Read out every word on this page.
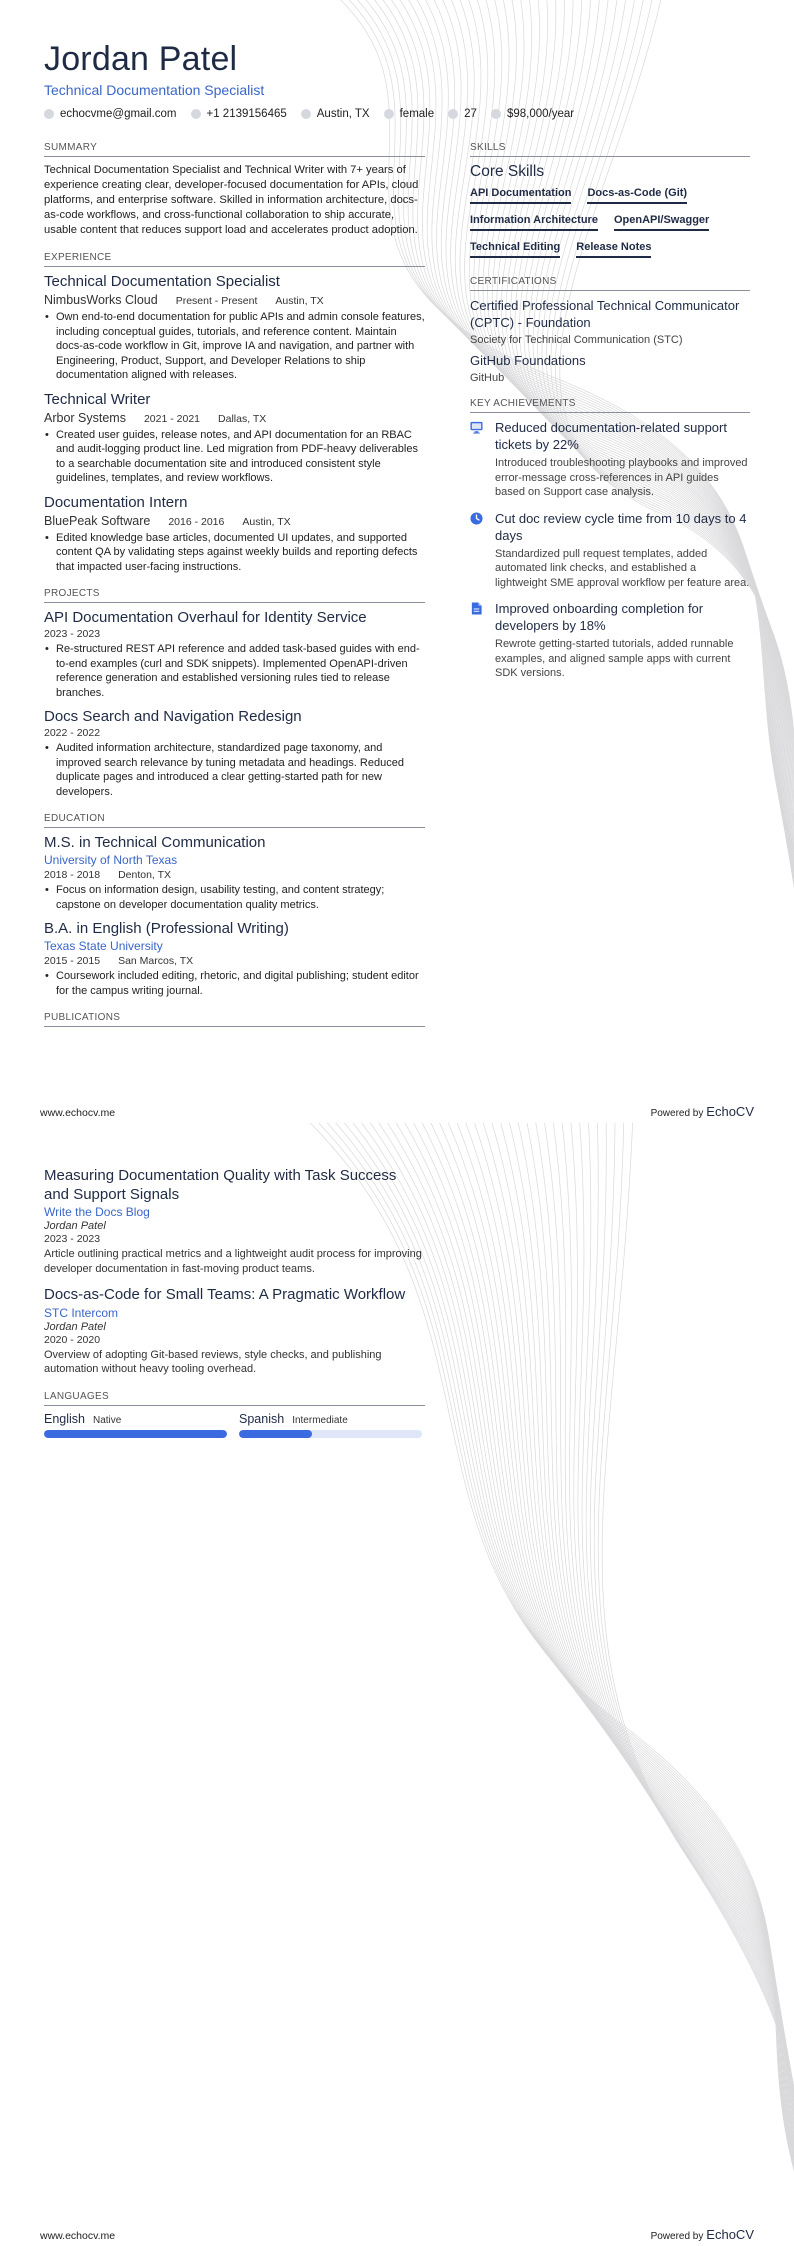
Jordan Patel
Technical Documentation Specialist
echocvme@gmail.com	+1 2139156465	Austin, TX	female	27	$98,000/year
SUMMARY
Technical Documentation Specialist and Technical Writer with 7+ years of experience creating clear, developer-focused documentation for APIs, cloud platforms, and enterprise software. Skilled in information architecture, docs-as-code workflows, and cross-functional collaboration to ship accurate, usable content that reduces support load and accelerates product adoption.
EXPERIENCE
Technical Documentation Specialist
NimbusWorks Cloud Present - Present Austin, TX
• Own end-to-end documentation for public APIs and admin console features, including conceptual guides, tutorials, and reference content. Maintain docs-as-code workflow in Git, improve IA and navigation, and partner with Engineering, Product, Support, and Developer Relations to ship documentation aligned with releases.
Technical Writer
Arbor Systems 2021 - 2021 Dallas, TX
• Created user guides, release notes, and API documentation for an RBAC and audit-logging product line. Led migration from PDF-heavy deliverables to a searchable documentation site and introduced consistent style guidelines, templates, and review workflows.
Documentation Intern
BluePeak Software 2016 - 2016 Austin, TX
• Edited knowledge base articles, documented UI updates, and supported content QA by validating steps against weekly builds and reporting defects that impacted user-facing instructions.
PROJECTS
API Documentation Overhaul for Identity Service
2023 - 2023
• Re-structured REST API reference and added task-based guides with end-to-end examples (curl and SDK snippets). Implemented OpenAPI-driven reference generation and established versioning rules tied to release branches.
Docs Search and Navigation Redesign
2022 - 2022
• Audited information architecture, standardized page taxonomy, and improved search relevance by tuning metadata and headings. Reduced duplicate pages and introduced a clear getting-started path for new developers.
EDUCATION
M.S. in Technical Communication
University of North Texas
2018 - 2018 Denton, TX
• Focus on information design, usability testing, and content strategy; capstone on developer documentation quality metrics.
B.A. in English (Professional Writing)
Texas State University
2015 - 2015 San Marcos, TX
• Coursework included editing, rhetoric, and digital publishing; student editor for the campus writing journal.
PUBLICATIONS
SKILLS
Core Skills
API Documentation Docs-as-Code (Git)
Information Architecture OpenAPI/Swagger
Technical Editing Release Notes
CERTIFICATIONS
Certified Professional Technical Communicator (CPTC) - Foundation
Society for Technical Communication (STC)
GitHub Foundations
GitHub
KEY ACHIEVEMENTS
Reduced documentation-related support tickets by 22%
Introduced troubleshooting playbooks and improved error-message cross-references in API guides based on Support case analysis.
Cut doc review cycle time from 10 days to 4 days
Standardized pull request templates, added automated link checks, and established a lightweight SME approval workflow per feature area.
Improved onboarding completion for developers by 18%
Rewrote getting-started tutorials, added runnable examples, and aligned sample apps with current SDK versions.
www.echocv.me	Powered by EchoCV
Measuring Documentation Quality with Task Success and Support Signals
Write the Docs Blog
Jordan Patel
2023 - 2023
Article outlining practical metrics and a lightweight audit process for improving developer documentation in fast-moving product teams.
Docs-as-Code for Small Teams: A Pragmatic Workflow
STC Intercom
Jordan Patel
2020 - 2020
Overview of adopting Git-based reviews, style checks, and publishing automation without heavy tooling overhead.
LANGUAGES
English Native	Spanish Intermediate
www.echocv.me	Powered by EchoCV
